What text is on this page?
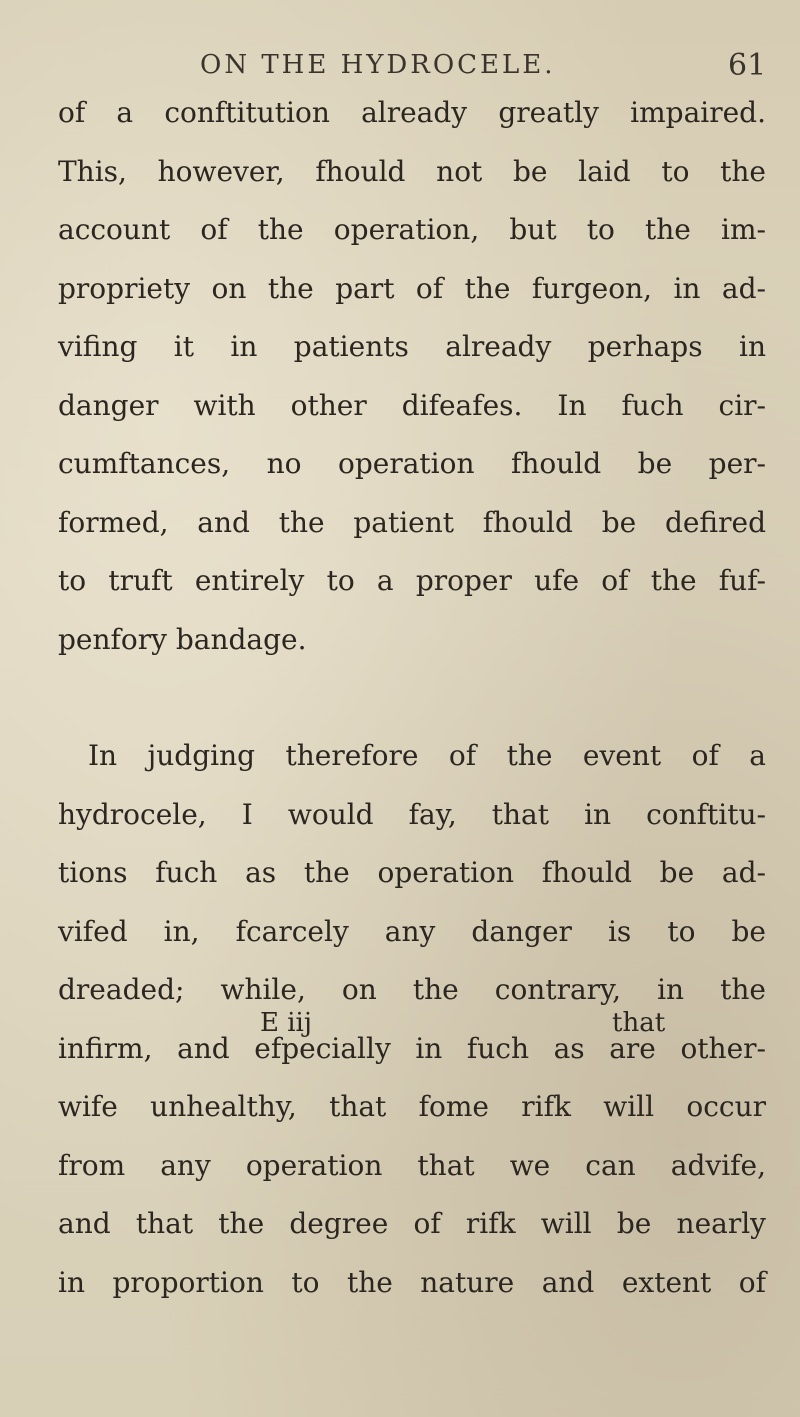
ON THE HYDROCELE.	61
of a conftitution already greatly impaired.
This, however, fhould not be laid to the
account of the operation, but to the im-
propriety on the part of the furgeon, in ad-
vifing it in patients already perhaps in
danger with other difeafes. In fuch cir-
cumftances, no operation fhould be per-
formed, and the patient fhould be defired
to truft entirely to a proper ufe of the fuf-
penfory bandage.
In judging therefore of the event of a
hydrocele, I would fay, that in conftitu-
tions fuch as the operation fhould be ad-
vifed in, fcarcely any danger is to be
dreaded; while, on the contrary, in the
infirm, and efpecially in fuch as are other-
wife unhealthy, that fome rifk will occur
from any operation that we can advife,
and that the degree of rifk will be nearly
in proportion to the nature and extent of
E iij	that
